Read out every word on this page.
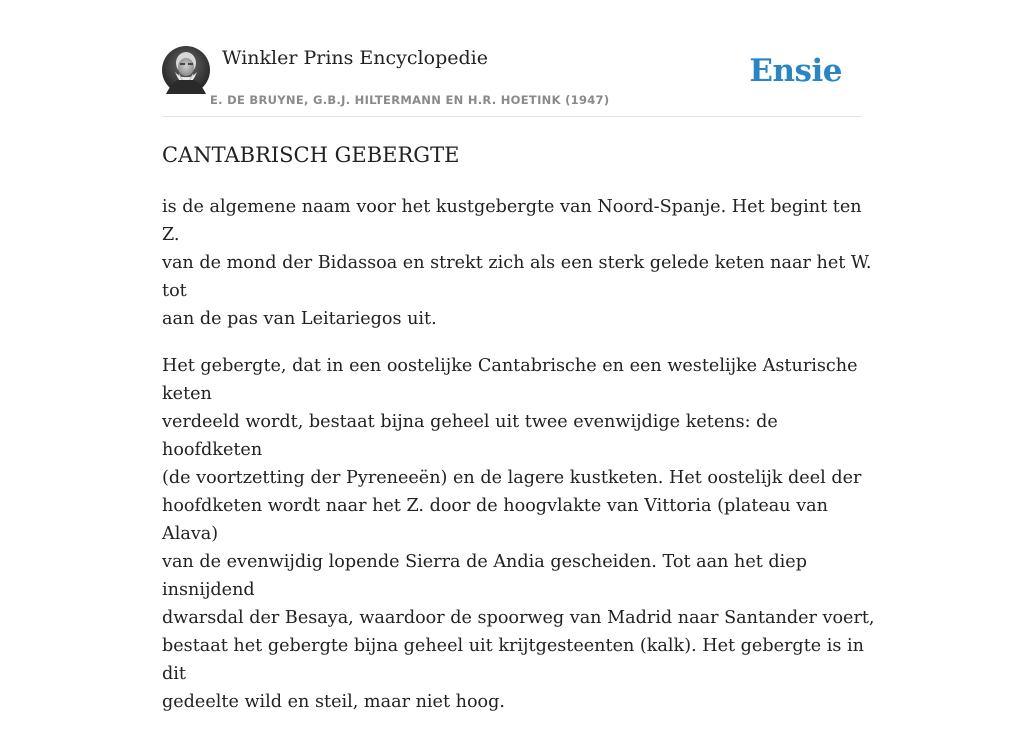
Winkler Prins Encyclopedie
E. DE BRUYNE, G.B.J. HILTERMANN EN H.R. HOETINK (1947)
Ensie
CANTABRISCH GEBERGTE

is de algemene naam voor het kustgebergte van Noord-Spanje. Het begint ten Z.
van de mond der Bidassoa en strekt zich als een sterk gelede keten naar het W. tot
aan de pas van Leitariegos uit.

Het gebergte, dat in een oostelijke Cantabrische en een westelijke Asturische keten
verdeeld wordt, bestaat bijna geheel uit twee evenwijdige ketens: de hoofdketen
(de voortzetting der Pyreneeën) en de lagere kustketen. Het oostelijk deel der
hoofdketen wordt naar het Z. door de hoogvlakte van Vittoria (plateau van Alava)
van de evenwijdig lopende Sierra de Andia gescheiden. Tot aan het diep insnijdend
dwarsdal der Besaya, waardoor de spoorweg van Madrid naar Santander voert,
bestaat het gebergte bijna geheel uit krijtgesteenten (kalk). Het gebergte is in dit
gedeelte wild en steil, maar niet hoog.
